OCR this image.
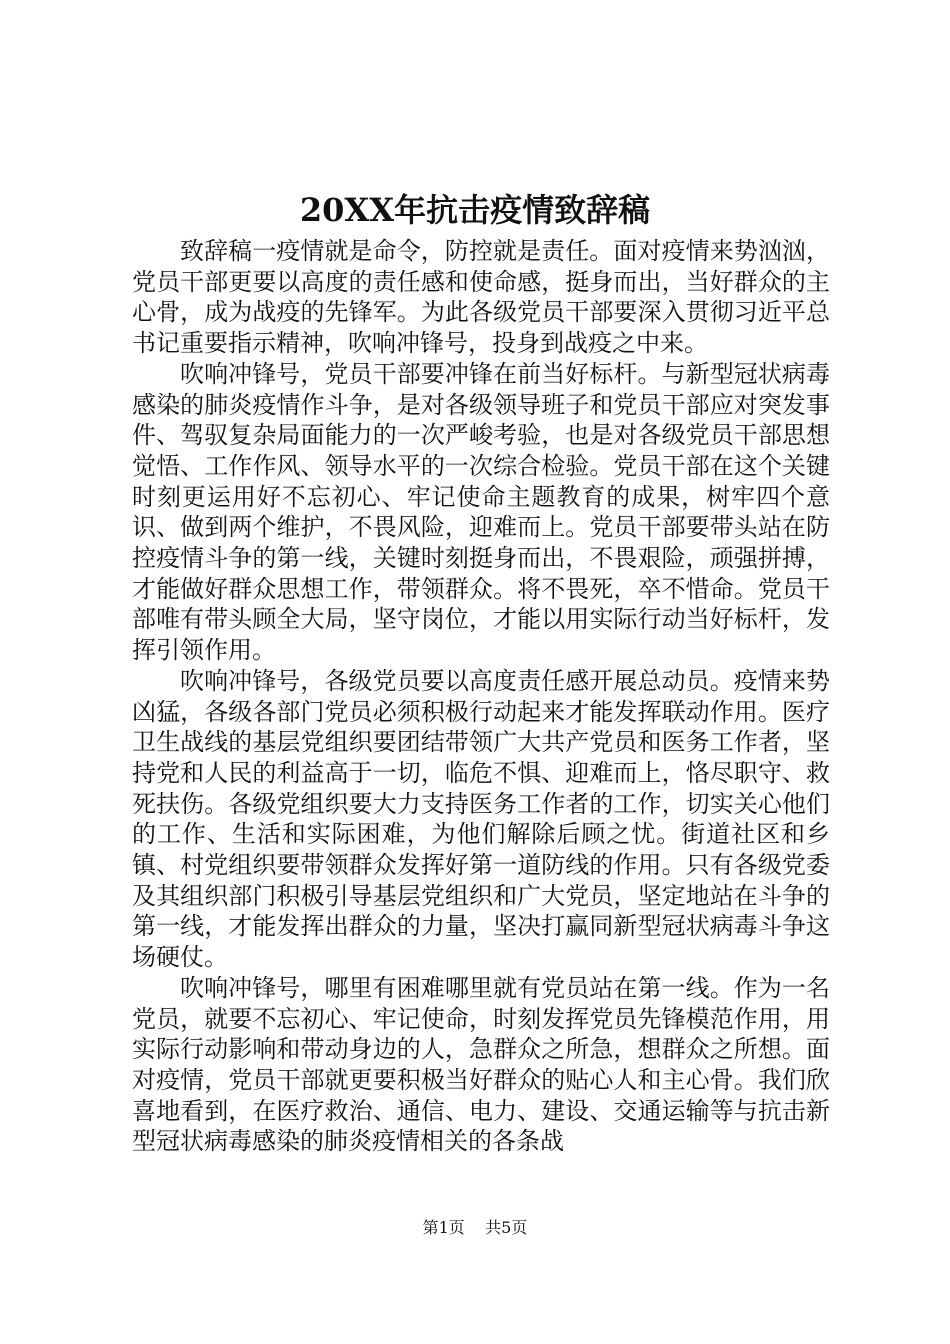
20XX年抗击疫情致辞稿

致辞稿一疫情就是命令，防控就是责任。面对疫情来势汹汹，党员干部更要以高度的责任感和使命感，挺身而出，当好群众的主心骨，成为战疫的先锋军。为此各级党员干部要深入贯彻习近平总书记重要指示精神，吹响冲锋号，投身到战疫之中来。

吹响冲锋号，党员干部要冲锋在前当好标杆。与新型冠状病毒感染的肺炎疫情作斗争，是对各级领导班子和党员干部应对突发事件、驾驭复杂局面能力的一次严峻考验，也是对各级党员干部思想觉悟、工作作风、领导水平的一次综合检验。党员干部在这个关键时刻更运用好不忘初心、牢记使命主题教育的成果，树牢四个意识、做到两个维护，不畏风险，迎难而上。党员干部要带头站在防控疫情斗争的第一线，关键时刻挺身而出，不畏艰险，顽强拼搏，才能做好群众思想工作，带领群众。将不畏死，卒不惜命。党员干部唯有带头顾全大局，坚守岗位，才能以用实际行动当好标杆，发挥引领作用。

吹响冲锋号，各级党员要以高度责任感开展总动员。疫情来势凶猛，各级各部门党员必须积极行动起来才能发挥联动作用。医疗卫生战线的基层党组织要团结带领广大共产党员和医务工作者，坚持党和人民的利益高于一切，临危不惧、迎难而上，恪尽职守、救死扶伤。各级党组织要大力支持医务工作者的工作，切实关心他们的工作、生活和实际困难，为他们解除后顾之忧。街道社区和乡镇、村党组织要带领群众发挥好第一道防线的作用。只有各级党委及其组织部门积极引导基层党组织和广大党员，坚定地站在斗争的第一线，才能发挥出群众的力量，坚决打赢同新型冠状病毒斗争这场硬仗。

吹响冲锋号，哪里有困难哪里就有党员站在第一线。作为一名党员，就要不忘初心、牢记使命，时刻发挥党员先锋模范作用，用实际行动影响和带动身边的人，急群众之所急，想群众之所想。面对疫情，党员干部就更要积极当好群众的贴心人和主心骨。我们欣喜地看到，在医疗救治、通信、电力、建设、交通运输等与抗击新型冠状病毒感染的肺炎疫情相关的各条战

第1页 共5页
